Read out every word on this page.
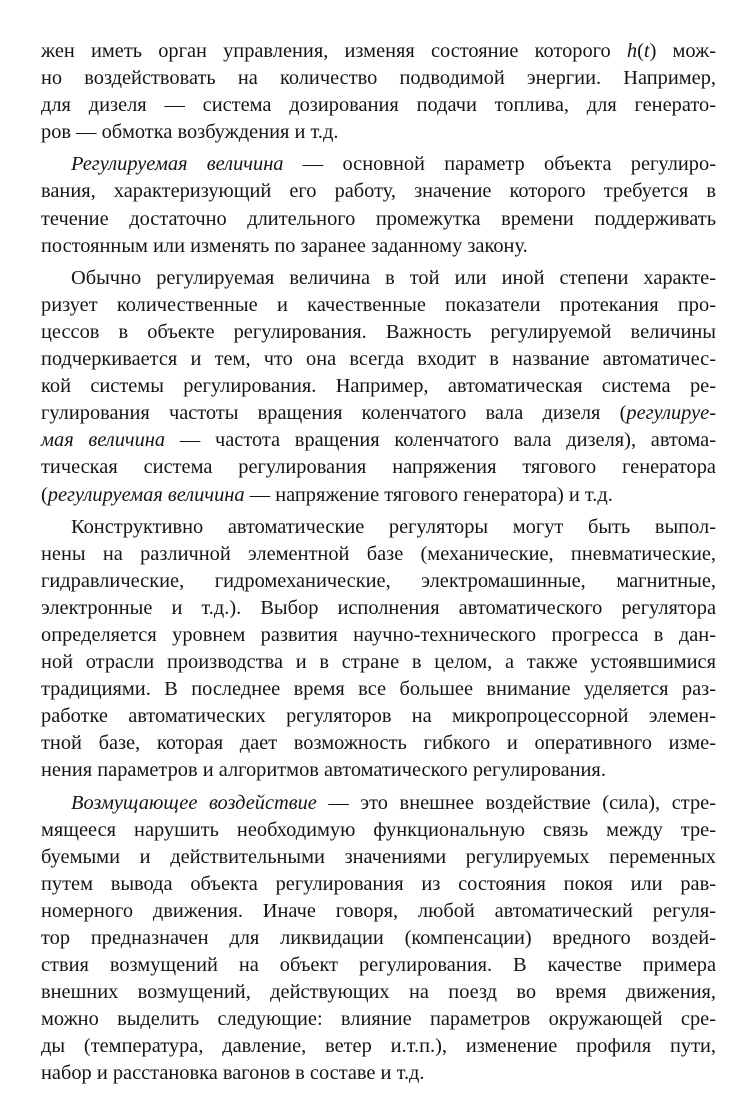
жен иметь орган управления, изменяя состояние которого h(t) мож-
но воздействовать на количество подводимой энергии. Например,
для дизеля — система дозирования подачи топлива, для генерато-
ров — обмотка возбуждения и т.д.
Регулируемая величина — основной параметр объекта регулиро-
вания, характеризующий его работу, значение которого требуется в
течение достаточно длительного промежутка времени поддерживать
постоянным или изменять по заранее заданному закону.
Обычно регулируемая величина в той или иной степени характе-
ризует количественные и качественные показатели протекания про-
цессов в объекте регулирования. Важность регулируемой величины
подчеркивается и тем, что она всегда входит в название автоматичес-
кой системы регулирования. Например, автоматическая система ре-
гулирования частоты вращения коленчатого вала дизеля (регулируе-
мая величина — частота вращения коленчатого вала дизеля), автома-
тическая система регулирования напряжения тягового генератора
(регулируемая величина — напряжение тягового генератора) и т.д.
Конструктивно автоматические регуляторы могут быть выпол-
нены на различной элементной базе (механические, пневматические,
гидравлические, гидромеханические, электромашинные, магнитные,
электронные и т.д.). Выбор исполнения автоматического регулятора
определяется уровнем развития научно-технического прогресса в дан-
ной отрасли производства и в стране в целом, а также устоявшимися
традициями. В последнее время все большее внимание уделяется раз-
работке автоматических регуляторов на микропроцессорной элемен-
тной базе, которая дает возможность гибкого и оперативного изме-
нения параметров и алгоритмов автоматического регулирования.
Возмущающее воздействие — это внешнее воздействие (сила), стре-
мящееся нарушить необходимую функциональную связь между тре-
буемыми и действительными значениями регулируемых переменных
путем вывода объекта регулирования из состояния покоя или рав-
номерного движения. Иначе говоря, любой автоматический регуля-
тор предназначен для ликвидации (компенсации) вредного воздей-
ствия возмущений на объект регулирования. В качестве примера
внешних возмущений, действующих на поезд во время движения,
можно выделить следующие: влияние параметров окружающей сре-
ды (температура, давление, ветер и.т.п.), изменение профиля пути,
набор и расстановка вагонов в составе и т.д.
